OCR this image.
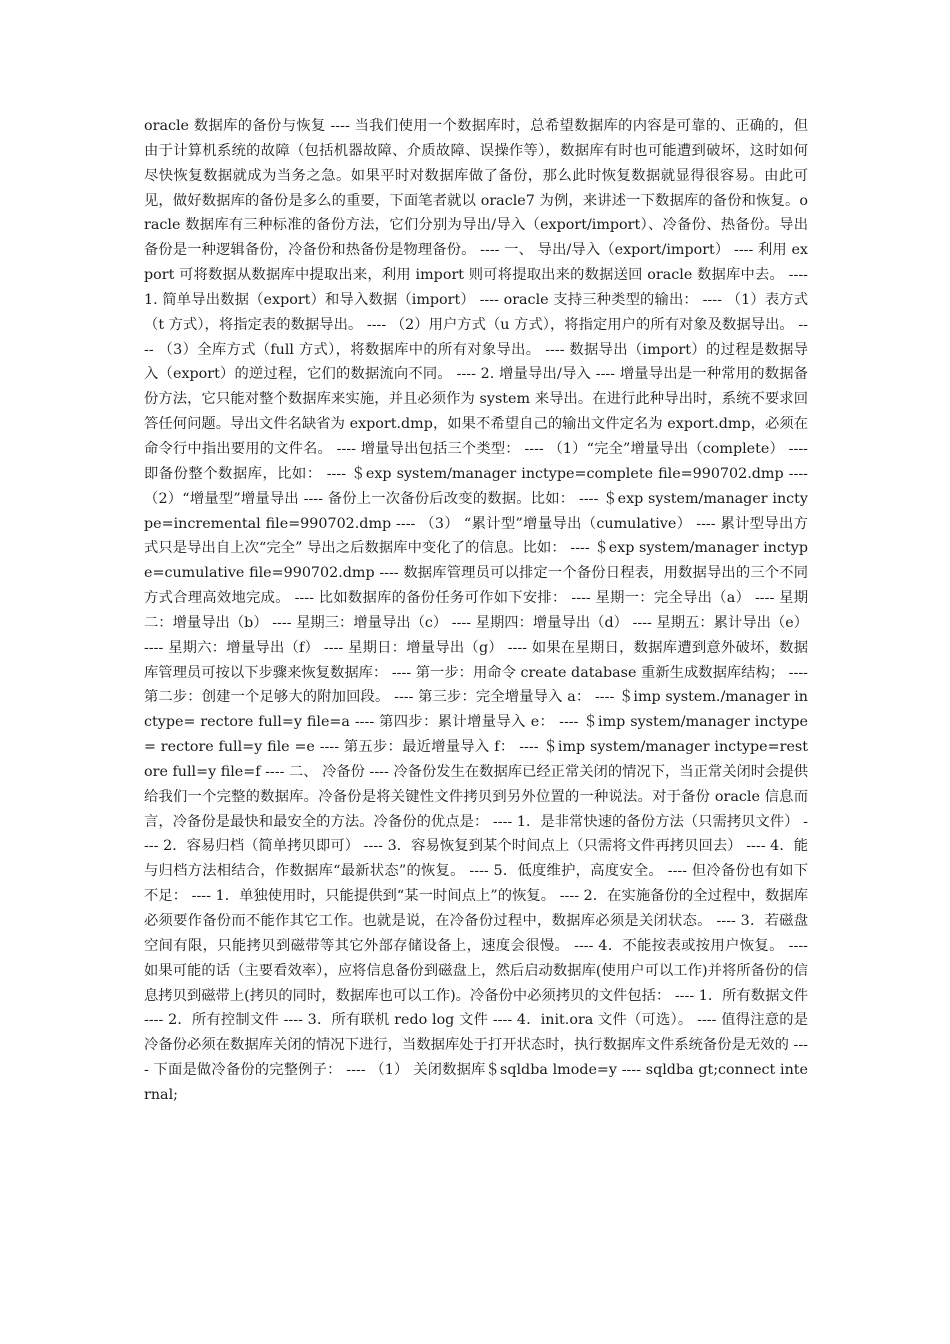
oracle 数据库的备份与恢复 ---- 当我们使用一个数据库时，总希望数据库的内容是可靠的、正确的，但由于计算机系统的故障（包括机器故障、介质故障、误操作等），数据库有时也可能遭到破坏，这时如何尽快恢复数据就成为当务之急。如果平时对数据库做了备份，那么此时恢复数据就显得很容易。由此可见，做好数据库的备份是多么的重要，下面笔者就以 oracle7 为例，来讲述一下数据库的备份和恢复。oracle 数据库有三种标准的备份方法，它们分别为导出/导入（export/import）、冷备份、热备份。导出备份是一种逻辑备份，冷备份和热备份是物理备份。 ---- 一、 导出/导入（export/import） ---- 利用 export 可将数据从数据库中提取出来，利用 import 则可将提取出来的数据送回 oracle 数据库中去。 ---- 1. 简单导出数据（export）和导入数据（import） ---- oracle 支持三种类型的输出： ---- （1）表方式（t 方式），将指定表的数据导出。 ---- （2）用户方式（u 方式），将指定用户的所有对象及数据导出。 ---- （3）全库方式（full 方式），将数据库中的所有对象导出。 ---- 数据导出（import）的过程是数据导入（export）的逆过程，它们的数据流向不同。 ---- 2. 增量导出/导入 ---- 增量导出是一种常用的数据备份方法，它只能对整个数据库来实施，并且必须作为 system 来导出。在进行此种导出时，系统不要求回答任何问题。导出文件名缺省为 export.dmp，如果不希望自己的输出文件定名为 export.dmp，必须在命令行中指出要用的文件名。 ---- 增量导出包括三个类型： ---- （1）“完全”增量导出（complete） ---- 即备份整个数据库，比如： ---- ＄exp system/manager inctype=complete file=990702.dmp ---- （2）“增量型”增量导出 ---- 备份上一次备份后改变的数据。比如： ---- ＄exp system/manager inctype=incremental file=990702.dmp ---- （3） “累计型”增量导出（cumulative） ---- 累计型导出方式只是导出自上次“完全” 导出之后数据库中变化了的信息。比如： ---- ＄exp system/manager inctype=cumulative file=990702.dmp ---- 数据库管理员可以排定一个备份日程表，用数据导出的三个不同方式合理高效地完成。 ---- 比如数据库的备份任务可作如下安排： ---- 星期一：完全导出（a） ---- 星期二：增量导出（b） ---- 星期三：增量导出（c） ---- 星期四：增量导出（d） ---- 星期五：累计导出（e） ---- 星期六：增量导出（f） ---- 星期日：增量导出（g） ---- 如果在星期日，数据库遭到意外破坏，数据库管理员可按以下步骤来恢复数据库： ---- 第一步：用命令 create database 重新生成数据库结构； ---- 第二步：创建一个足够大的附加回段。 ---- 第三步：完全增量导入 a： ---- ＄imp system./manager inctype= rectore full=y file=a ---- 第四步：累计增量导入 e： ---- ＄imp system/manager inctype= rectore full=y file =e ---- 第五步：最近增量导入 f： ---- ＄imp system/manager inctype=restore full=y file=f ---- 二、 冷备份 ---- 冷备份发生在数据库已经正常关闭的情况下，当正常关闭时会提供给我们一个完整的数据库。冷备份是将关键性文件拷贝到另外位置的一种说法。对于备份 oracle 信息而言，冷备份是最快和最安全的方法。冷备份的优点是： ---- 1．是非常快速的备份方法（只需拷贝文件） ---- 2．容易归档（简单拷贝即可） ---- 3．容易恢复到某个时间点上（只需将文件再拷贝回去） ---- 4．能与归档方法相结合，作数据库“最新状态”的恢复。 ---- 5．低度维护，高度安全。 ---- 但冷备份也有如下不足： ---- 1．单独使用时，只能提供到“某一时间点上”的恢复。 ---- 2．在实施备份的全过程中，数据库必须要作备份而不能作其它工作。也就是说，在冷备份过程中，数据库必须是关闭状态。 ---- 3．若磁盘空间有限，只能拷贝到磁带等其它外部存储设备上，速度会很慢。 ---- 4．不能按表或按用户恢复。 ---- 如果可能的话（主要看效率），应将信息备份到磁盘上，然后启动数据库(使用户可以工作)并将所备份的信息拷贝到磁带上(拷贝的同时，数据库也可以工作)。冷备份中必须拷贝的文件包括： ---- 1．所有数据文件 ---- 2．所有控制文件 ---- 3．所有联机 redo log 文件 ---- 4．init.ora 文件（可选）。 ---- 值得注意的是冷备份必须在数据库关闭的情况下进行，当数据库处于打开状态时，执行数据库文件系统备份是无效的 ---- 下面是做冷备份的完整例子： ---- （1） 关闭数据库＄sqldba lmode=y ---- sqldba gt;connect internal;
